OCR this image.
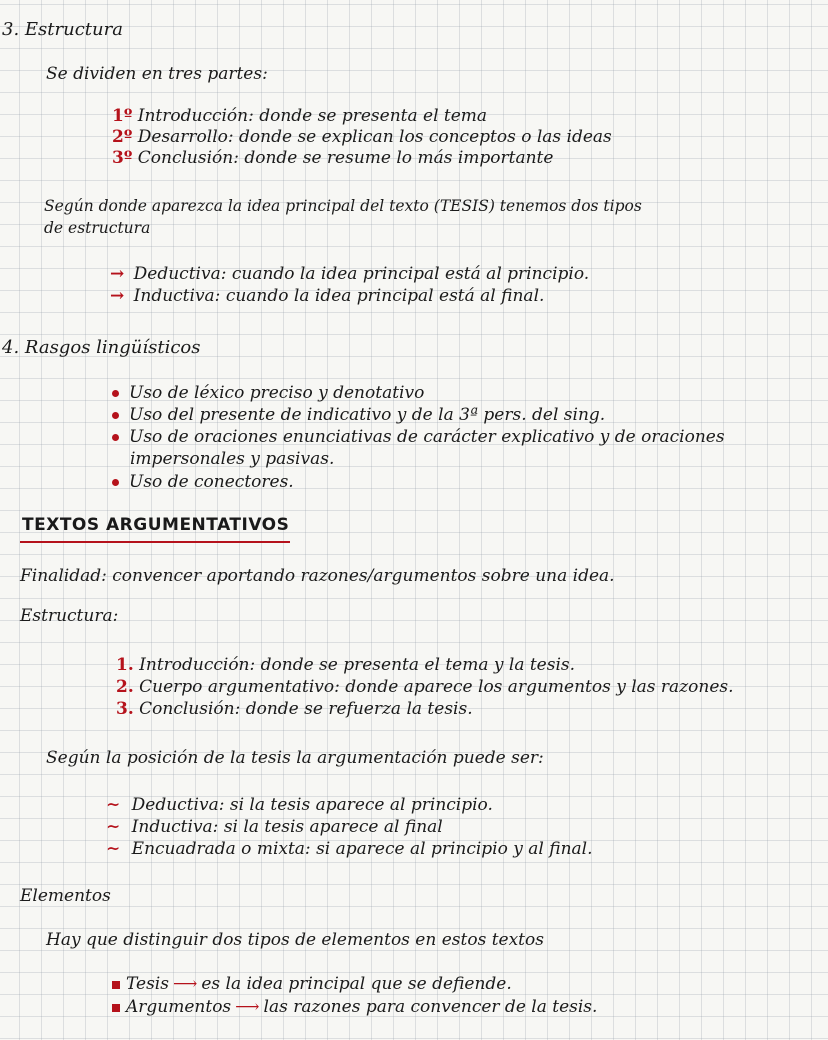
3. Estructura
Se dividen en tres partes:
1º Introducción: donde se presenta el tema
2º Desarrollo: donde se explican los conceptos o las ideas
3º Conclusión: donde se resume lo más importante
Según donde aparezca la idea principal del texto (TESIS) tenemos dos tipos
de estructura
→ Deductiva: cuando la idea principal está al principio.
→ Inductiva: cuando la idea principal está al final.
4. Rasgos lingüísticos
Uso de léxico preciso y denotativo
Uso del presente de indicativo y de la 3ª pers. del sing.
Uso de oraciones enunciativas de carácter explicativo y de oraciones
impersonales y pasivas.
Uso de conectores.
TEXTOS ARGUMENTATIVOS
Finalidad: convencer aportando razones/argumentos sobre una idea.
Estructura:
1. Introducción: donde se presenta el tema y la tesis.
2. Cuerpo argumentativo: donde aparece los argumentos y las razones.
3. Conclusión: donde se refuerza la tesis.
Según la posición de la tesis la argumentación puede ser:
∼ Deductiva: si la tesis aparece al principio.
∼ Inductiva: si la tesis aparece al final
∼ Encuadrada o mixta: si aparece al principio y al final.
Elementos
Hay que distinguir dos tipos de elementos en estos textos
Tesis ⟶ es la idea principal que se defiende.
Argumentos ⟶ las razones para convencer de la tesis.
